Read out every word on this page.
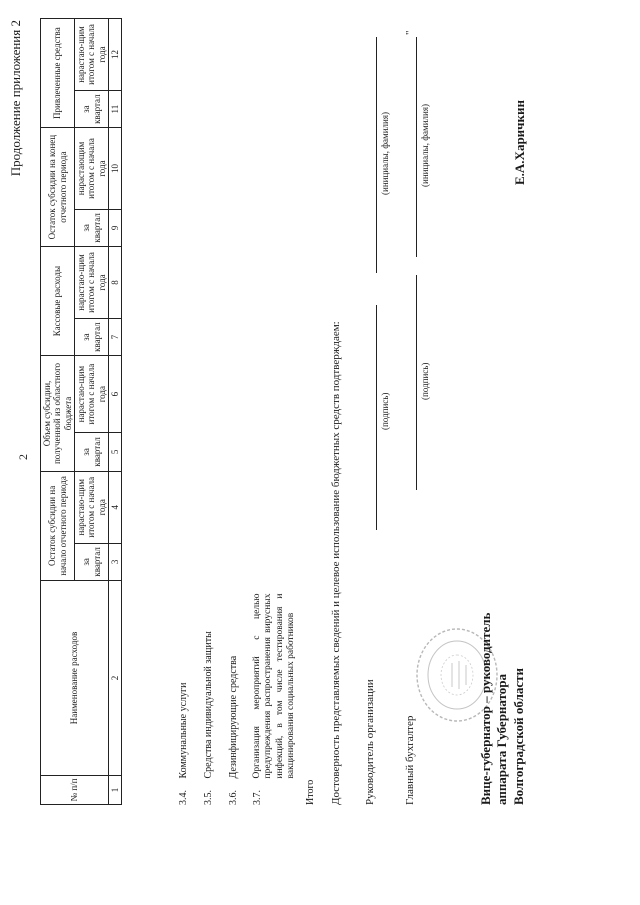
2
Продолжение приложения 2
№ п/п	Наименование расходов	Остаток субсидии на начало отчетного периода		Объем субсидии, полученной из областного бюджета		Кассовые расходы		Остаток субсидии на конец отчетного периода		Привлеченные средства	
		за квартал	нарастаю-щим итогом с начала года	за квартал	нарастаю-щим итогом с начала года	за квартал	нарастаю-щим итогом с начала года	за квартал	нарастающим итогом с начала года	за квартал	нарастаю-щим итогом с начала года
1	2	3	4	5	6	7	8	9	10	11	12
3.4. Коммунальные услуги
3.5. Средства индивидуальной защиты
3.6. Дезинфицирующие средства
3.7. Организация мероприятий с целью предупреждения распространения вирусных инфекций, в том числе тестирования и вакцинирования социальных работников
Итого Достоверность представляемых сведений и целевое использование бюджетных средств подтверждаем: Руководитель организации
(подпись)
(инициалы, фамилия)
Главный бухгалтер
(подпись)
(инициалы, фамилия)
"
Вице-губернатор – руководитель аппарата Губернатора Волгоградской области
Е.А.Харичкин
